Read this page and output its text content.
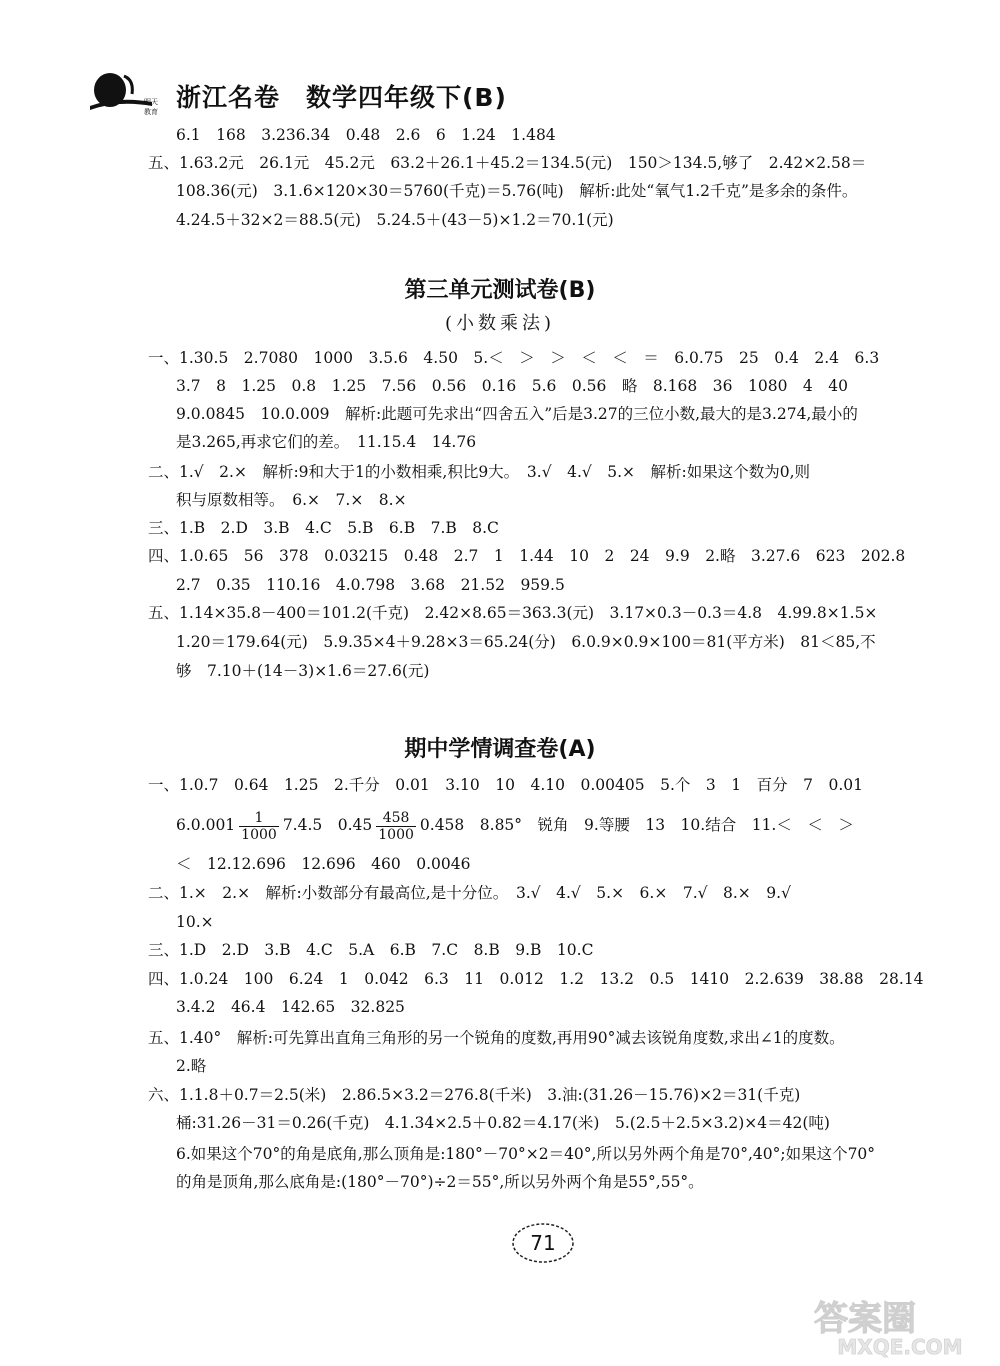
明天
教育 浙江名卷　数学四年级下(B)
6.1　168　3.236.34　0.48　2.6　6　1.24　1.484
五、1.63.2元　26.1元　45.2元　63.2＋26.1＋45.2＝134.5(元)　150＞134.5,够了　2.42×2.58＝
108.36(元)　3.1.6×120×30＝5760(千克)＝5.76(吨)　解析:此处“氧气1.2千克”是多余的条件。
4.24.5＋32×2＝88.5(元)　5.24.5＋(43－5)×1.2＝70.1(元)
第三单元测试卷(B)
(小数乘法)
一、1.30.5　2.7080　1000　3.5.6　4.50　5.＜　＞　＞　＜　＜　＝　6.0.75　25　0.4　2.4　6.3
3.7　8　1.25　0.8　1.25　7.56　0.56　0.16　5.6　0.56　略　8.168　36　1080　4　40
9.0.0845　10.0.009　解析:此题可先求出“四舍五入”后是3.27的三位小数,最大的是3.274,最小的
是3.265,再求它们的差。　11.15.4　14.76
二、1.√　2.×　解析:9和大于1的小数相乘,积比9大。　3.√　4.√　5.×　解析:如果这个数为0,则
积与原数相等。　6.×　7.×　8.×
三、1.B　2.D　3.B　4.C　5.B　6.B　7.B　8.C
四、1.0.65　56　378　0.03215　0.48　2.7　1　1.44　10　2　24　9.9　2.略　3.27.6　623　202.8
2.7　0.35　110.16　4.0.798　3.68　21.52　959.5
五、1.14×35.8－400＝101.2(千克)　2.42×8.65＝363.3(元)　3.17×0.3－0.3＝4.8　4.99.8×1.5×
1.20＝179.64(元)　5.9.35×4＋9.28×3＝65.24(分)　6.0.9×0.9×100＝81(平方米)　81＜85,不
够　7.10＋(14－3)×1.6＝27.6(元)
期中学情调查卷(A)
一、1.0.7　0.64　1.25　2.千分　0.01　3.10　10　4.10　0.00405　5.个　3　1　百分　7　0.01
$6.0.001 \frac{1}{1000} 7.4.5$　$0.45 \frac{458}{1000} 0.458$　8.85°　锐角　9.等腰　13　10.结合　11.＜　＜　＞
＜　12.12.696　12.696　460　0.0046
二、1.×　2.×　解析:小数部分有最高位,是十分位。　3.√　4.√　5.×　6.×　7.√　8.×　9.√
10.×
三、1.D　2.D　3.B　4.C　5.A　6.B　7.C　8.B　9.B　10.C
四、1.0.24　100　6.24　1　0.042　6.3　11　0.012　1.2　13.2　0.5　1410　2.2.639　38.88　28.14
3.4.2　46.4　142.65　32.825
五、1.40°　解析:可先算出直角三角形的另一个锐角的度数,再用90°减去该锐角度数,求出∠1的度数。
2.略
六、1.1.8＋0.7＝2.5(米)　2.86.5×3.2＝276.8(千米)　3.油:(31.26－15.76)×2＝31(千克)
桶:31.26－31＝0.26(千克)　4.1.34×2.5＋0.82＝4.17(米)　5.(2.5＋2.5×3.2)×4＝42(吨)
6.如果这个70°的角是底角,那么顶角是:180°－70°×2＝40°,所以另外两个角是70°,40°;如果这个70°
的角是顶角,那么底角是:(180°－70°)÷2＝55°,所以另外两个角是55°,55°。
71
答案圈
MXQE.COM
